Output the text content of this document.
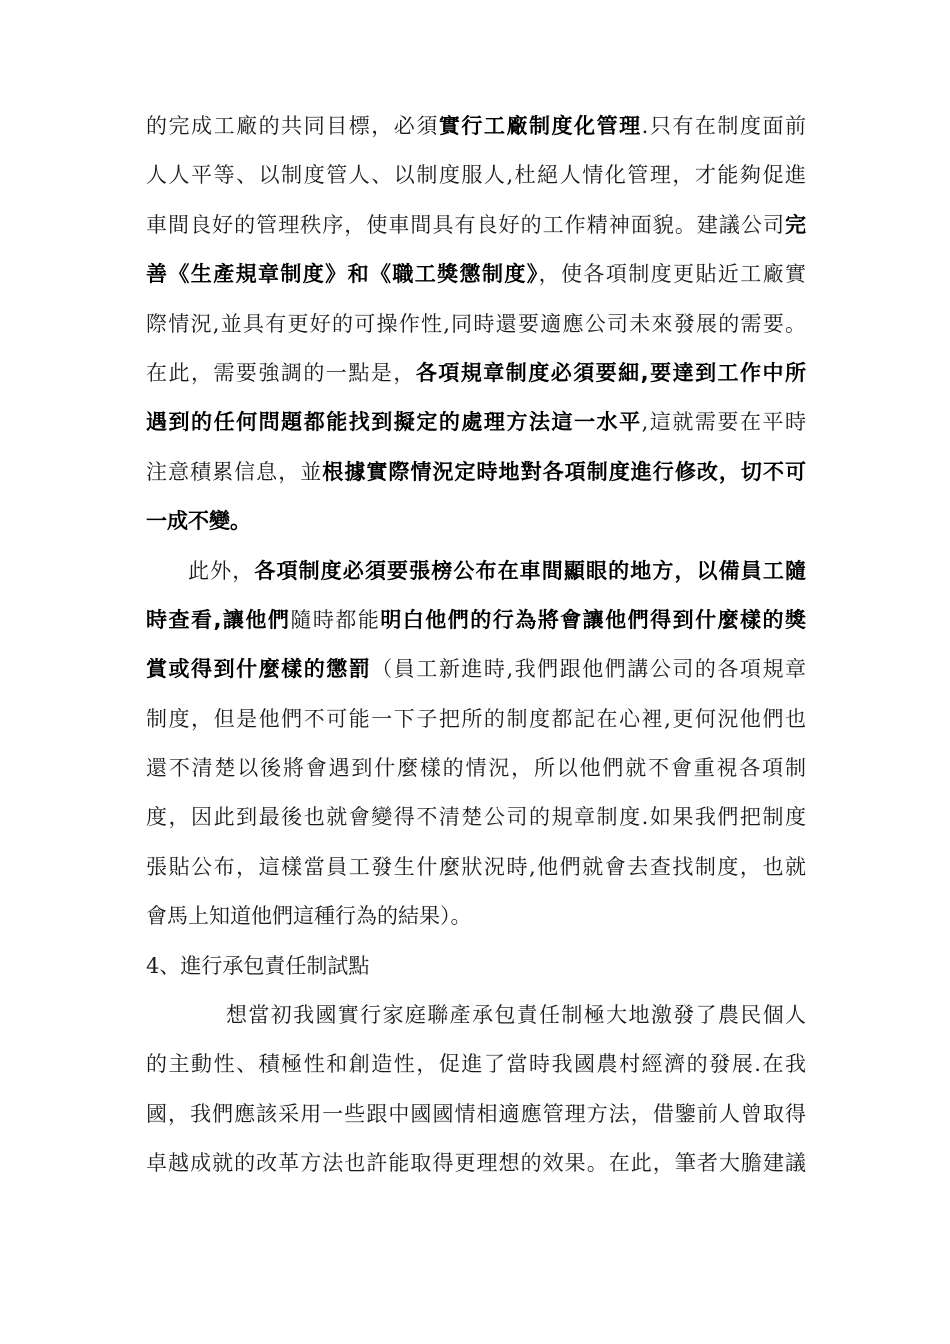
的完成工廠的共同目標，必須實行工廠制度化管理.只有在制度面前
人人平等、以制度管人、以制度服人,杜絕人情化管理，才能夠促進
車間良好的管理秩序，使車間具有良好的工作精神面貌。建議公司完
善《生產規章制度》和《職工獎懲制度》，使各項制度更貼近工廠實
際情況,並具有更好的可操作性,同時還要適應公司未來發展的需要。
在此，需要強調的一點是，各項規章制度必須要細,要達到工作中所
遇到的任何問題都能找到擬定的處理方法這一水平,這就需要在平時
注意積累信息，並根據實際情況定時地對各項制度進行修改，切不可
一成不變。
此外，各項制度必須要張榜公布在車間顯眼的地方，以備員工隨
時查看,讓他們隨時都能明白他們的行為將會讓他們得到什麼樣的獎
賞或得到什麼樣的懲罰（員工新進時,我們跟他們講公司的各項規章
制度，但是他們不可能一下子把所的制度都記在心裡,更何況他們也
還不清楚以後將會遇到什麼樣的情況，所以他們就不會重視各項制
度，因此到最後也就會變得不清楚公司的規章制度.如果我們把制度
張貼公布，這樣當員工發生什麼狀況時,他們就會去查找制度，也就
會馬上知道他們這種行為的結果）。
4、進行承包責任制試點
想當初我國實行家庭聯產承包責任制極大地激發了農民個人
的主動性、積極性和創造性，促進了當時我國農村經濟的發展.在我
國，我們應該采用一些跟中國國情相適應管理方法，借鑒前人曾取得
卓越成就的改革方法也許能取得更理想的效果。在此，筆者大膽建議
